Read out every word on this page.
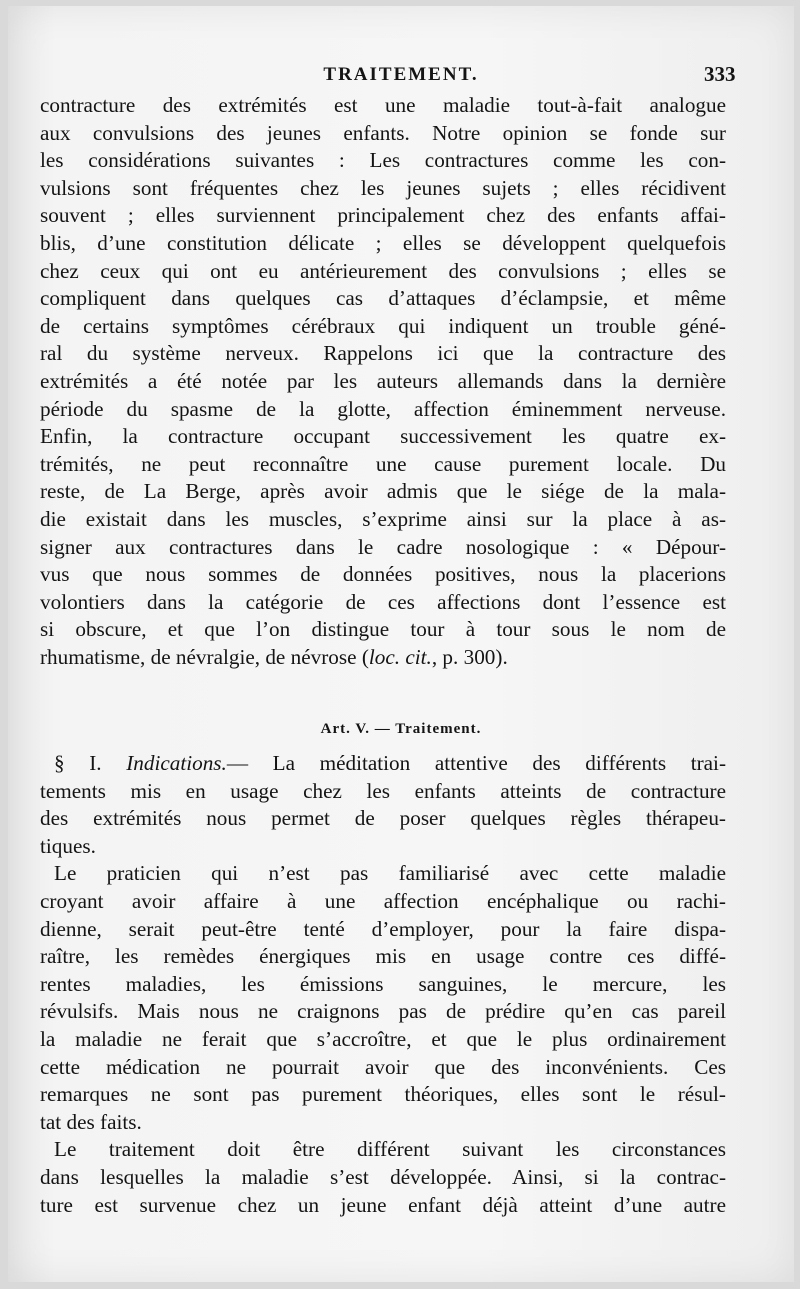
TRAITEMENT.	333
contracture des extrémités est une maladie tout-à-fait analogue
aux convulsions des jeunes enfants. Notre opinion se fonde sur
les considérations suivantes : Les contractures comme les con-
vulsions sont fréquentes chez les jeunes sujets ; elles récidivent
souvent ; elles surviennent principalement chez des enfants affai-
blis, d’une constitution délicate ; elles se développent quelquefois
chez ceux qui ont eu antérieurement des convulsions ; elles se
compliquent dans quelques cas d’attaques d’éclampsie, et même
de certains symptômes cérébraux qui indiquent un trouble géné-
ral du système nerveux. Rappelons ici que la contracture des
extrémités a été notée par les auteurs allemands dans la dernière
période du spasme de la glotte, affection éminemment nerveuse.
Enfin, la contracture occupant successivement les quatre ex-
trémités, ne peut reconnaître une cause purement locale. Du
reste, de La Berge, après avoir admis que le siége de la mala-
die existait dans les muscles, s’exprime ainsi sur la place à as-
signer aux contractures dans le cadre nosologique : « Dépour-
vus que nous sommes de données positives, nous la placerions
volontiers dans la catégorie de ces affections dont l’essence est
si obscure, et que l’on distingue tour à tour sous le nom de
rhumatisme, de névralgie, de névrose (loc. cit., p. 300).
Art. V. — Traitement.
§ I. Indications.— La méditation attentive des différents trai-
tements mis en usage chez les enfants atteints de contracture
des extrémités nous permet de poser quelques règles thérapeu-
tiques.
Le praticien qui n’est pas familiarisé avec cette maladie
croyant avoir affaire à une affection encéphalique ou rachi-
dienne, serait peut-être tenté d’employer, pour la faire dispa-
raître, les remèdes énergiques mis en usage contre ces diffé-
rentes maladies, les émissions sanguines, le mercure, les
révulsifs. Mais nous ne craignons pas de prédire qu’en cas pareil
la maladie ne ferait que s’accroître, et que le plus ordinairement
cette médication ne pourrait avoir que des inconvénients. Ces
remarques ne sont pas purement théoriques, elles sont le résul-
tat des faits.
Le traitement doit être différent suivant les circonstances
dans lesquelles la maladie s’est développée. Ainsi, si la contrac-
ture est survenue chez un jeune enfant déjà atteint d’une autre
